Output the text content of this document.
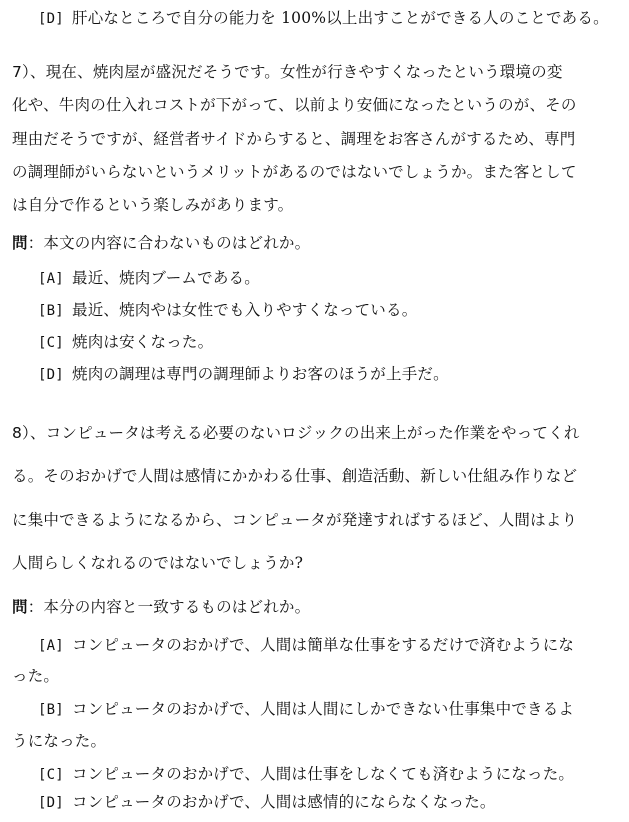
[D] 肝心なところで自分の能力を 100%以上出すことができる人のことである。
7）、現在、焼肉屋が盛況だそうです。女性が行きやすくなったという環境の変
化や、牛肉の仕入れコストが下がって、以前より安価になったというのが、その
理由だそうですが、経営者サイドからすると、調理をお客さんがするため、専門
の調理師がいらないというメリットがあるのではないでしょうか。また客として
は自分で作るという楽しみがあります。
問：本文の内容に合わないものはどれか。
[A] 最近、焼肉ブームである。
[B] 最近、焼肉やは女性でも入りやすくなっている。
[C] 焼肉は安くなった。
[D] 焼肉の調理は専門の調理師よりお客のほうが上手だ。
8）、コンピュータは考える必要のないロジックの出来上がった作業をやってくれ
る。そのおかげで人間は感情にかかわる仕事、創造活動、新しい仕組み作りなど
に集中できるようになるから、コンピュータが発達すればするほど、人間はより
人間らしくなれるのではないでしょうか?
問：本分の内容と一致するものはどれか。
[A] コンピュータのおかげで、人間は簡単な仕事をするだけで済むようにな
った。
[B] コンピュータのおかげで、人間は人間にしかできない仕事集中できるよ
うになった。
[C] コンピュータのおかげで、人間は仕事をしなくても済むようになった。
[D] コンピュータのおかげで、人間は感情的にならなくなった。
